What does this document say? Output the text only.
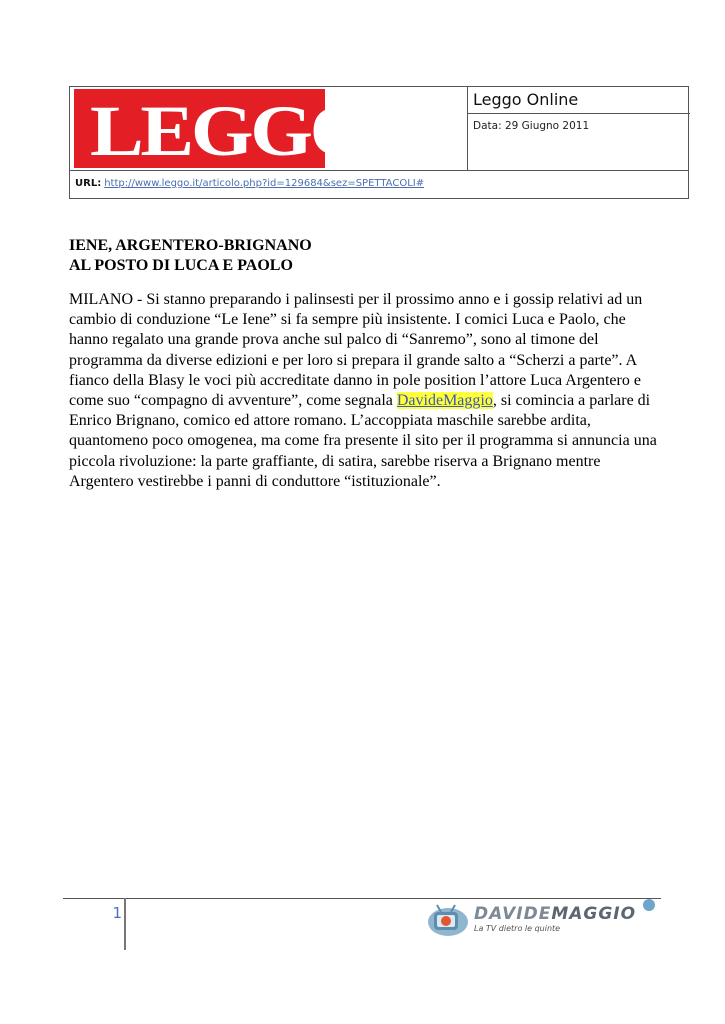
LEGGO	Leggo Online
Data: 29 Giugno 2011
URL: http://www.leggo.it/articolo.php?id=129684&sez=SPETTACOLI#
IENE, ARGENTERO-BRIGNANO
AL POSTO DI LUCA E PAOLO
MILANO - Si stanno preparando i palinsesti per il prossimo anno e i gossip relativi ad un cambio di conduzione “Le Iene” si fa sempre più insistente. I comici Luca e Paolo, che hanno regalato una grande prova anche sul palco di “Sanremo”, sono al timone del programma da diverse edizioni e per loro si prepara il grande salto a “Scherzi a parte”. A fianco della Blasy le voci più accreditate danno in pole position l’attore Luca Argentero e come suo “compagno di avventure”, come segnala DavideMaggio, si comincia a parlare di Enrico Brignano, comico ed attore romano. L’accoppiata maschile sarebbe ardita, quantomeno poco omogenea, ma come fra presente il sito per il programma si annuncia una piccola rivoluzione: la parte graffiante, di satira, sarebbe riserva a Brignano mentre Argentero vestirebbe i panni di conduttore “istituzionale”.
1	DAVIDEMAGGIO
La TV dietro le quinte
